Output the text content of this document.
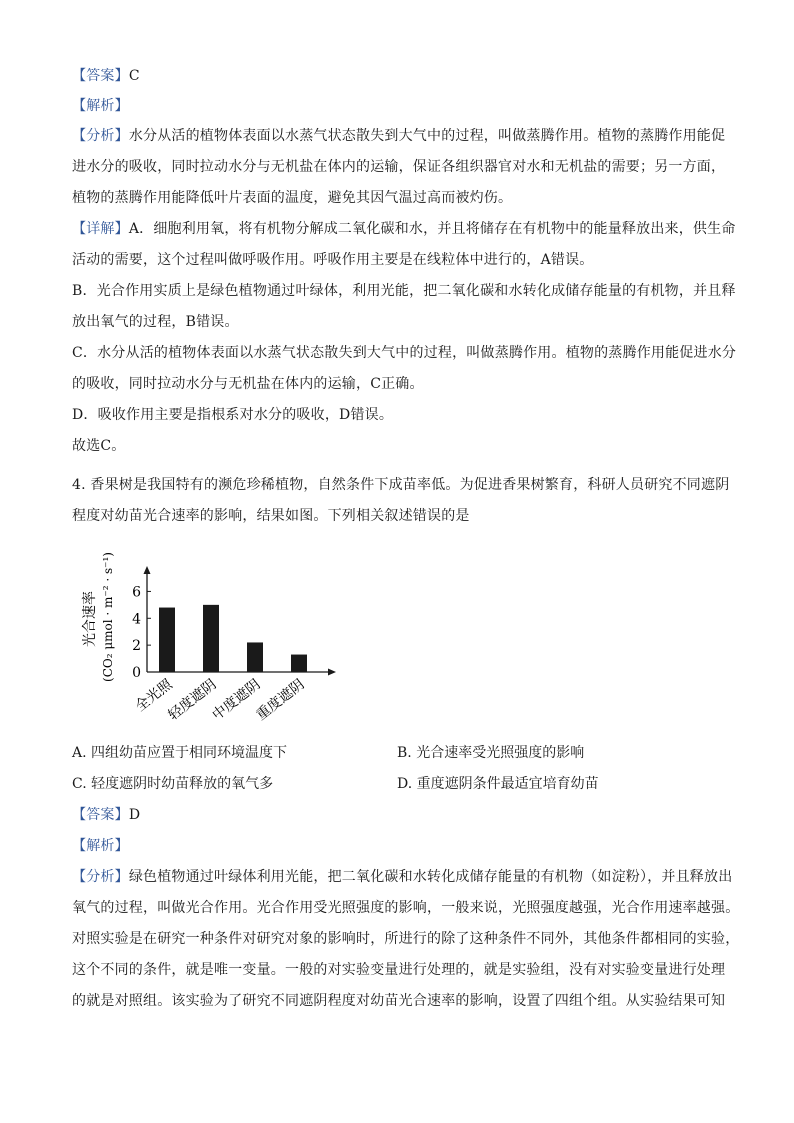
【答案】C
【解析】
【分析】水分从活的植物体表面以水蒸气状态散失到大气中的过程，叫做蒸腾作用。植物的蒸腾作用能促
进水分的吸收，同时拉动水分与无机盐在体内的运输，保证各组织器官对水和无机盐的需要；另一方面，
植物的蒸腾作用能降低叶片表面的温度，避免其因气温过高而被灼伤。
【详解】A．细胞利用氧，将有机物分解成二氧化碳和水，并且将储存在有机物中的能量释放出来，供生命
活动的需要，这个过程叫做呼吸作用。呼吸作用主要是在线粒体中进行的，A错误。
B．光合作用实质上是绿色植物通过叶绿体，利用光能，把二氧化碳和水转化成储存能量的有机物，并且释
放出氧气的过程，B错误。
C．水分从活的植物体表面以水蒸气状态散失到大气中的过程，叫做蒸腾作用。植物的蒸腾作用能促进水分
的吸收，同时拉动水分与无机盐在体内的运输，C正确。
D．吸收作用主要是指根系对水分的吸收，D错误。
故选C。
4. 香果树是我国特有的濒危珍稀植物，自然条件下成苗率低。为促进香果树繁育，科研人员研究不同遮阴
程度对幼苗光合速率的影响，结果如图。下列相关叙述错误的是
0
2
4
6
全光照
轻度遮阴
中度遮阴
重度遮阴
光合速率 (CO₂ μmol · m⁻² · s⁻¹)
A. 四组幼苗应置于相同环境温度下	B. 光合速率受光照强度的影响
C. 轻度遮阴时幼苗释放的氧气多	D. 重度遮阴条件最适宜培育幼苗
【答案】D
【解析】
【分析】绿色植物通过叶绿体利用光能，把二氧化碳和水转化成储存能量的有机物（如淀粉），并且释放出
氧气的过程，叫做光合作用。光合作用受光照强度的影响，一般来说，光照强度越强，光合作用速率越强。
对照实验是在研究一种条件对研究对象的影响时，所进行的除了这种条件不同外，其他条件都相同的实验，
这个不同的条件，就是唯一变量。一般的对实验变量进行处理的，就是实验组，没有对实验变量进行处理
的就是对照组。该实验为了研究不同遮阴程度对幼苗光合速率的影响，设置了四组个组。从实验结果可知
